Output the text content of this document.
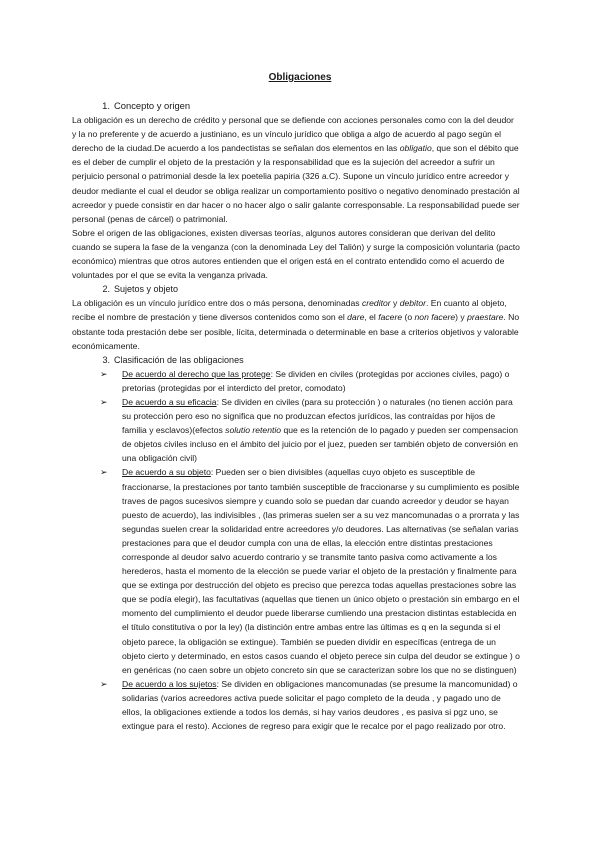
Obligaciones
1. Concepto y origen

La obligación es un derecho de crédito y personal que se defiende con acciones personales como con la del deudor y la no preferente y de acuerdo a justiniano, es un vínculo jurídico que obliga a algo de acuerdo al pago según el derecho de la ciudad.De acuerdo a los pandectistas se señalan dos elementos en las obligatio, que son el débito que es el deber de cumplir el objeto de la prestación y la responsabilidad que es la sujeción del acreedor a sufrir un perjuicio personal o patrimonial desde la lex poetelia papiria (326 a.C). Supone un vínculo jurídico entre acreedor y deudor mediante el cual el deudor se obliga realizar un comportamiento positivo o negativo denominado prestación al acreedor y puede consistir en dar hacer o no hacer algo o salir galante corresponsable. La responsabilidad puede ser personal (penas de cárcel) o patrimonial.

Sobre el origen de las obligaciones, existen diversas teorías, algunos autores consideran que derivan del delito cuando se supera la fase de la venganza (con la denominada Ley del Talión) y surge la composición voluntaria (pacto económico) mientras que otros autores entienden que el origen está en el contrato entendido como el acuerdo de voluntades por el que se evita la venganza privada.

2. Sujetos y objeto

La obligación es un vínculo jurídico entre dos o más persona, denominadas creditor y debitor. En cuanto al objeto, recibe el nombre de prestación y tiene diversos contenidos como son el dare, el facere (o non facere) y praestare. No obstante toda prestación debe ser posible, lícita, determinada o determinable en base a criterios objetivos y valorable económicamente.

3. Clasificación de las obligaciones
➢ De acuerdo al derecho que las protege: Se dividen en civiles (protegidas por acciones civiles, pago) o pretorias (protegidas por el interdicto del pretor, comodato)
➢ De acuerdo a su eficacia: Se dividen en civiles (para su protección ) o naturales (no tienen acción para su protección pero eso no significa que no produzcan efectos jurídicos, las contraídas por hijos de familia y esclavos)(efectos solutio retentio que es la retención de lo pagado y pueden ser compensacion de objetos civiles incluso en el ámbito del juicio por el juez, pueden ser también objeto de conversión en una obligación civil)
➢ De acuerdo a su objeto: Pueden ser o bien divisibles (aquellas cuyo objeto es susceptible de fraccionarse, la prestaciones por tanto también susceptible de fraccionarse y su cumplimiento es posible traves de pagos sucesivos siempre y cuando solo se puedan dar cuando acreedor y deudor se hayan puesto de acuerdo), las indivisibles , (las primeras suelen ser a su vez mancomunadas o a prorrata y las segundas suelen crear la solidaridad entre acreedores y/o deudores. Las alternativas (se señalan varias prestaciones para que el deudor cumpla con una de ellas, la elección entre distintas prestaciones corresponde al deudor salvo acuerdo contrario y se transmite tanto pasiva como activamente a los herederos, hasta el momento de la elección se puede variar el objeto de la prestación y finalmente para que se extinga por destrucción del objeto es preciso que perezca todas aquellas prestaciones sobre las que se podía elegir), las facultativas (aquellas que tienen un único objeto o prestación sin embargo en el momento del cumplimiento el deudor puede liberarse cumliendo una prestacion distintas establecida en el título constitutiva o por la ley) (la distinción entre ambas entre las últimas es q en la segunda si el objeto parece, la obligación se extingue). También se pueden dividir en específicas (entrega de un objeto cierto y determinado, en estos casos cuando el objeto perece sin culpa del deudor se extingue ) o en genéricas (no caen sobre un objeto concreto sin que se caracterizan sobre los que no se distinguen)
➢ De acuerdo a los sujetos: Se dividen en obligaciones mancomunadas (se presume la mancomunidad) o solidarias (varios acreedores activa puede solicitar el pago completo de la deuda , y pagado uno de ellos, la obligaciones extiende a todos los demás, si hay varios deudores , es pasiva si pgz uno, se extingue para el resto). Acciones de regreso para exigir que le recalce por el pago realizado por otro.
